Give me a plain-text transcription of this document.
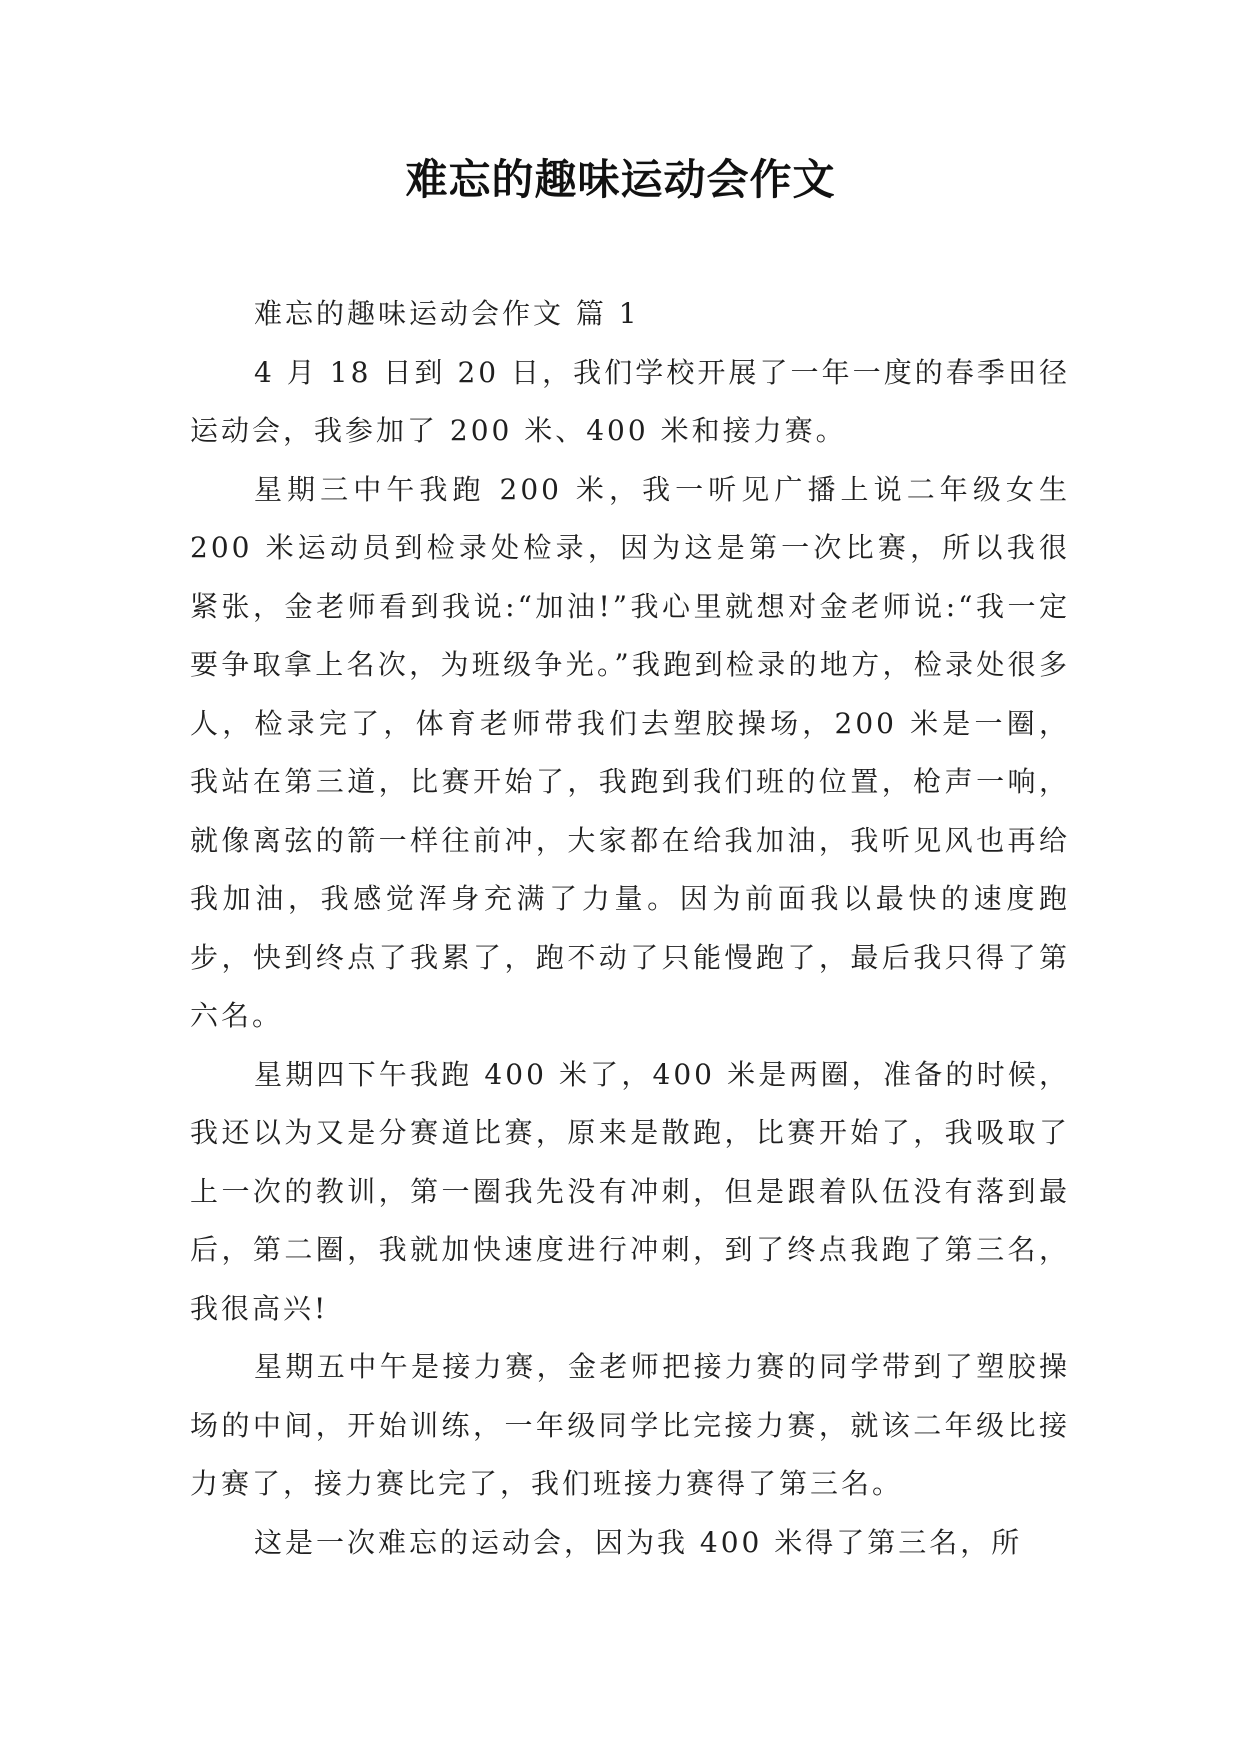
难忘的趣味运动会作文

难忘的趣味运动会作文 篇 1

4 月 18 日到 20 日，我们学校开展了一年一度的春季田径运动会，我参加了 200 米、400 米和接力赛。

星期三中午我跑 200 米，我一听见广播上说二年级女生 200 米运动员到检录处检录，因为这是第一次比赛，所以我很紧张，金老师看到我说:“加油!”我心里就想对金老师说:“我一定要争取拿上名次，为班级争光。”我跑到检录的地方，检录处很多人，检录完了，体育老师带我们去塑胶操场，200 米是一圈，我站在第三道，比赛开始了，我跑到我们班的位置，枪声一响，就像离弦的箭一样往前冲，大家都在给我加油，我听见风也再给我加油，我感觉浑身充满了力量。因为前面我以最快的速度跑步，快到终点了我累了，跑不动了只能慢跑了，最后我只得了第六名。

星期四下午我跑 400 米了，400 米是两圈，准备的时候，我还以为又是分赛道比赛，原来是散跑，比赛开始了，我吸取了上一次的教训，第一圈我先没有冲刺，但是跟着队伍没有落到最后，第二圈，我就加快速度进行冲刺，到了终点我跑了第三名，我很高兴!

星期五中午是接力赛，金老师把接力赛的同学带到了塑胶操场的中间，开始训练，一年级同学比完接力赛，就该二年级比接力赛了，接力赛比完了，我们班接力赛得了第三名。

这是一次难忘的运动会，因为我 400 米得了第三名，所
